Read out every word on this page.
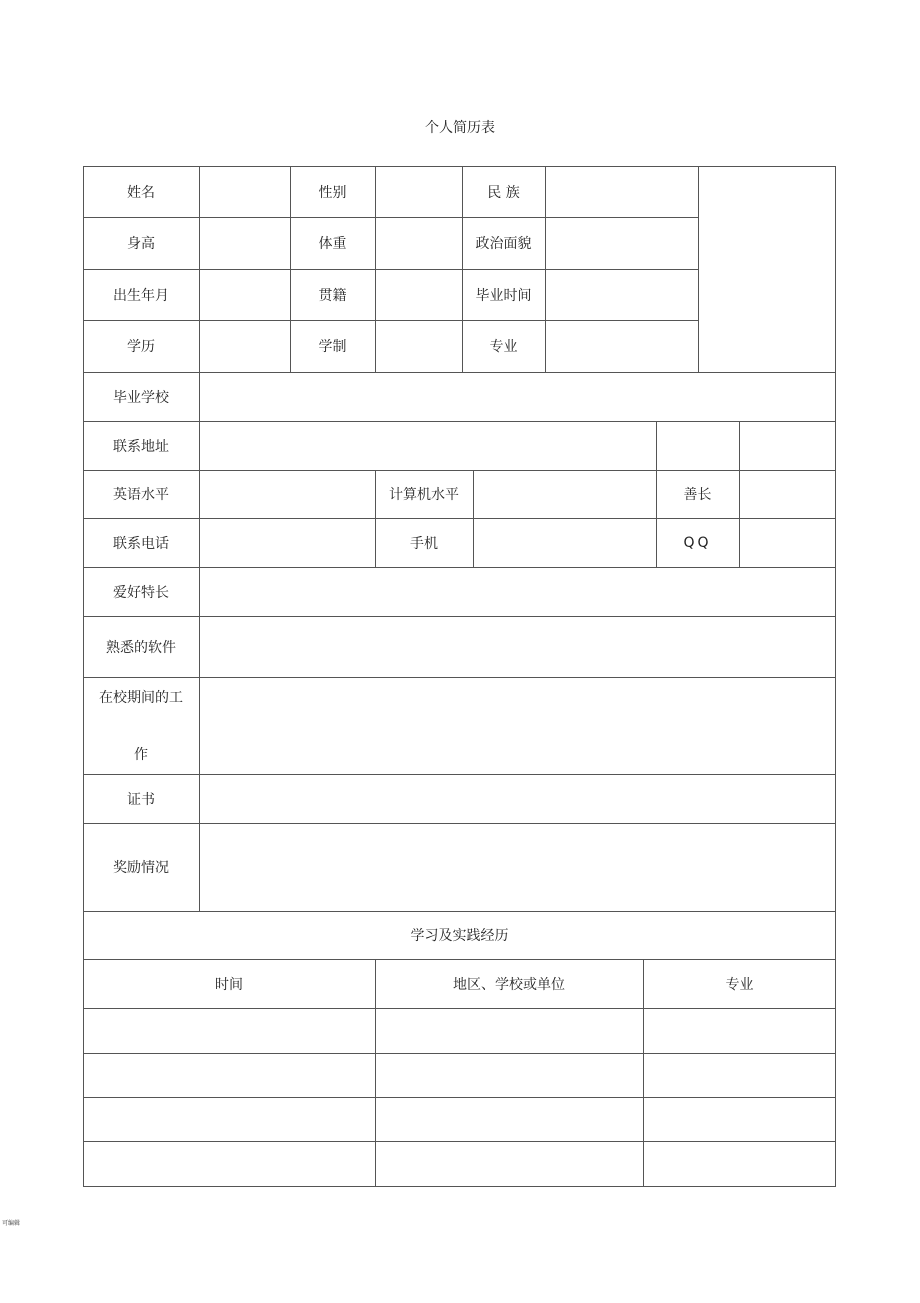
个人简历表
姓名	性别	民 族
身高	体重	政治面貌
出生年月	贯籍	毕业时间
学历	学制	专业
毕业学校
联系地址
英语水平	计算机水平	善长
联系电话	手机	QQ
爱好特长
熟悉的软件
在校期间的工
作
证书
奖励情况
学习及实践经历
时间	地区、学校或单位	专业
可编辑
